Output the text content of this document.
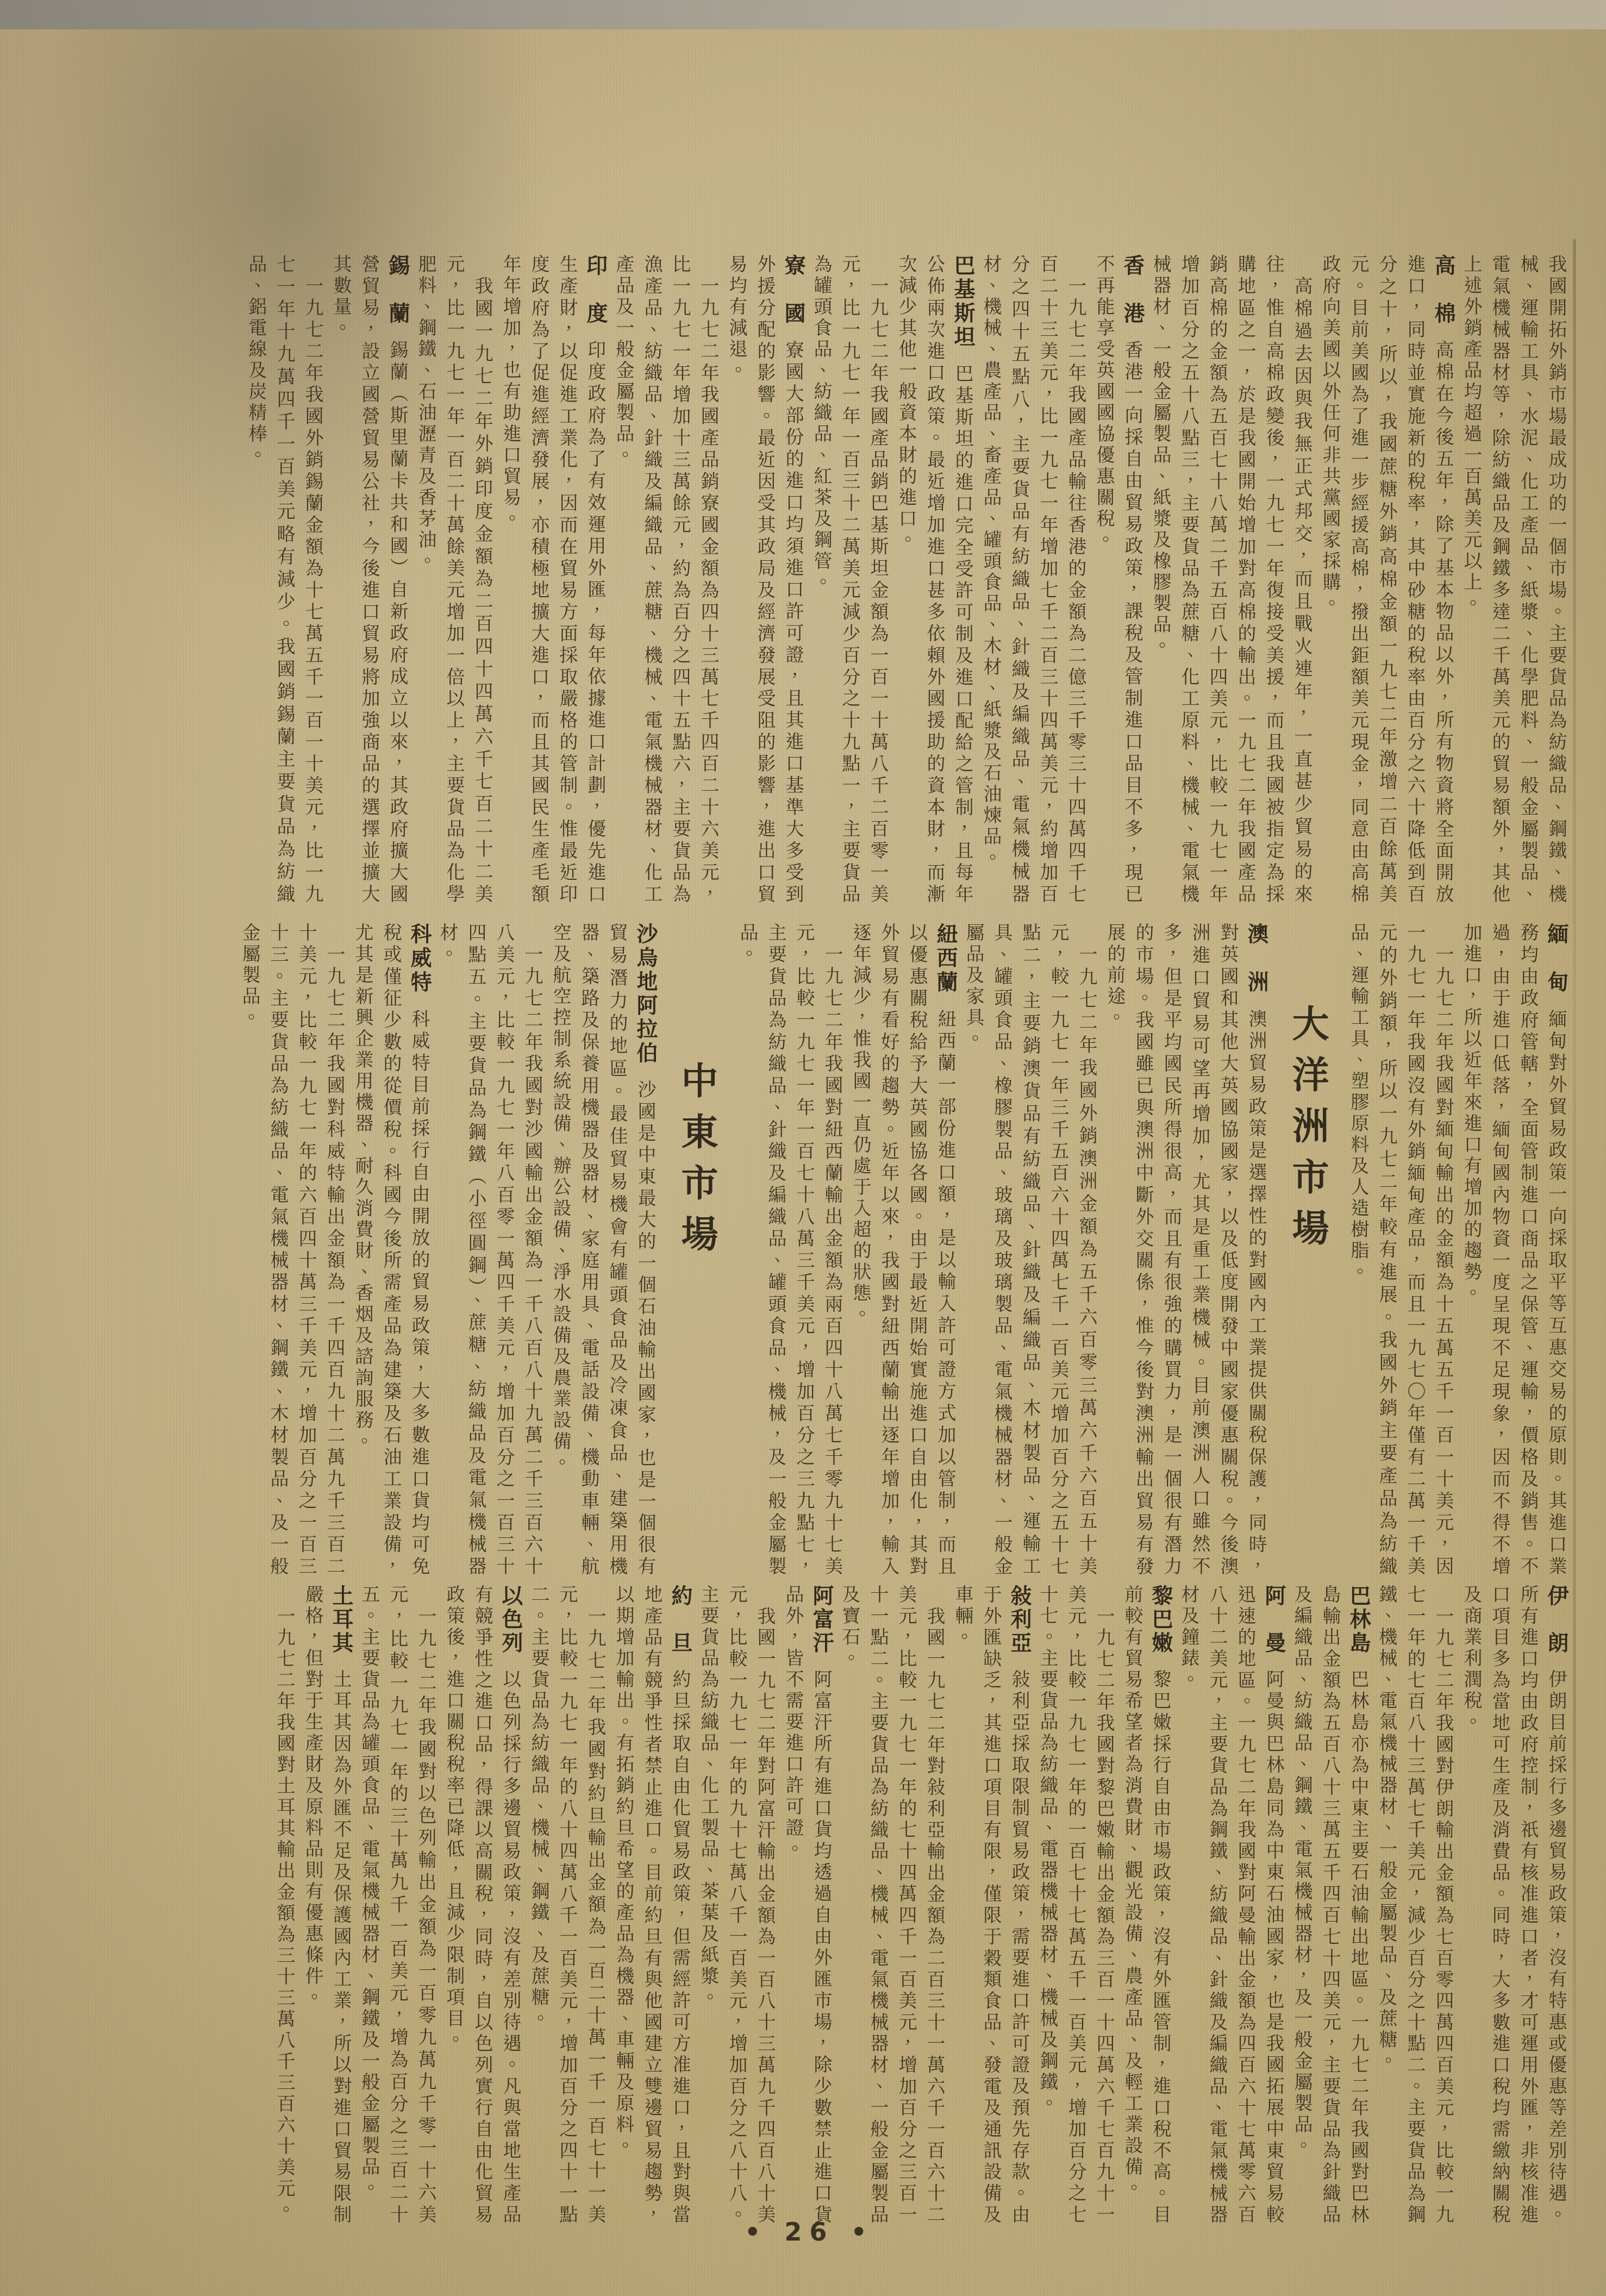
我國開拓外銷市場最成功的一個市場。主要貨品為紡織品、鋼鐵、機械、運輸工具、水泥、化工產品、紙漿、化學肥料、一般金屬製品、電氣機械器材等，除紡織品及鋼鐵多達二千萬美元的貿易額外，其他上述外銷產品均超過一百萬美元以上。

高　棉高棉在今後五年，除了基本物品以外，所有物資將全面開放進口，同時並實施新的稅率，其中砂糖的稅率由百分之六十降低到百分之十，所以，我國蔗糖外銷高棉金額一九七二年激增二百餘萬美元。目前美國為了進一步經援高棉，撥出鉅額美元現金，同意由高棉政府向美國以外任何非共黨國家採購。

高棉過去因與我無正式邦交，而且戰火連年，一直甚少貿易的來往，惟自高棉政變後，一九七一年復接受美援，而且我國被指定為採購地區之一，於是我國開始增加對高棉的輸出。一九七二年我國產品銷高棉的金額為五百七十八萬二千五百八十四美元，比較一九七一年增加百分之五十八點三，主要貨品為蔗糖、化工原料、機械、電氣機械器材、一般金屬製品、紙漿及橡膠製品。

香　港香港一向採自由貿易政策，課稅及管制進口品目不多，現已不再能享受英國國協優惠關稅。

一九七二年我國產品輸往香港的金額為二億三千零三十四萬四千七百二十三美元，比一九七一年增加七千二百三十四萬美元，約增加百分之四十五點八，主要貨品有紡織品、針織及編織品、電氣機械器材、機械、農產品、畜產品、罐頭食品、木材、紙漿及石油煉品。

巴基斯坦巴基斯坦的進口完全受許可制及進口配給之管制，且每年公佈兩次進口政策。最近增加進口甚多依賴外國援助的資本財，而漸次減少其他一般資本財的進口。

一九七二年我國產品銷巴基斯坦金額為一百一十萬八千二百零一美元，比一九七一年一百三十二萬美元減少百分之十九點一，主要貨品為罐頭食品、紡織品、紅茶及鋼管。

寮　國寮國大部份的進口均須進口許可證，且其進口基準大多受到外援分配的影響。最近因受其政局及經濟發展受阻的影響，進出口貿易均有減退。

一九七二年我國產品銷寮國金額為四十三萬七千四百二十六美元，比一九七一年增加十三萬餘元，約為百分之四十五點六，主要貨品為漁產品、紡織品、針織及編織品、蔗糖、機械、電氣機械器材、化工產品及一般金屬製品。

印　度印度政府為了有效運用外匯，每年依據進口計劃，優先進口生產財，以促進工業化，因而在貿易方面採取嚴格的管制。惟最近印度政府為了促進經濟發展，亦積極地擴大進口，而且其國民生產毛額年年增加，也有助進口貿易。

我國一九七二年外銷印度金額為二百四十四萬六千七百二十二美元，比一九七一年一百二十萬餘美元增加一倍以上，主要貨品為化學肥料、鋼鐵、石油瀝青及香茅油。

錫　蘭錫蘭（斯里蘭卡共和國）自新政府成立以來，其政府擴大國營貿易，設立國營貿易公社，今後進口貿易將加強商品的選擇並擴大其數量。

一九七二年我國外銷錫蘭金額為十七萬五千一百一十美元，比一九七一年十九萬四千一百美元略有減少。我國銷錫蘭主要貨品為紡織品、鋁電線及炭精棒。

緬　甸緬甸對外貿易政策一向採取平等互惠交易的原則。其進口業務均由政府管轄，全面管制進口商品之保管、運輸，價格及銷售。不過，由于進口低落，緬甸國內物資一度呈現不足現象，因而不得不增加進口，所以近年來進口有增加的趨勢。

一九七二年我國對緬甸輸出的金額為十五萬五千一百一十美元，因一九七一年我國沒有外銷緬甸產品，而且一九七〇年僅有二萬一千美元的外銷額，所以一九七二年較有進展。我國外銷主要產品為紡織品、運輸工具、塑膠原料及人造樹脂。

大洋洲市場

澳　洲澳洲貿易政策是選擇性的對國內工業提供關稅保護，同時，對英國和其他大英國協國家，以及低度開發中國家優惠關稅。今後澳洲進口貿易可望再增加，尤其是重工業機械。目前澳洲人口雖然不多，但是平均國民所得很高，而且有很強的購買力，是一個很有潛力的市場。我國雖已與澳洲中斷外交關係，惟今後對澳洲輸出貿易有發展的前途。

一九七二年我國外銷澳洲金額為五千六百零三萬六千六百五十美元，較一九七一年三千五百六十四萬七千一百美元增加百分之五十七點二，主要銷澳貨品有紡織品、針織及編織品、木材製品、運輸工具、罐頭食品、橡膠製品、玻璃及玻璃製品、電氣機械器材、一般金屬品及家具。

紐西蘭紐西蘭一部份進口額，是以輸入許可證方式加以管制，而且以優惠關稅給予大英國協各國。由于最近開始實施進口自由化，其對外貿易有看好的趨勢。近年以來，我國對紐西蘭輸出逐年增加，輸入逐年減少，惟我國一直仍處于入超的狀態。

一九七二年我國對紐西蘭輸出金額為兩百四十八萬七千零九十七美元，比較一九七一年一百七十八萬三千美元，增加百分之三九點七，主要貨品為紡織品、針織及編織品、罐頭食品、機械，及一般金屬製品。

中東市場

沙烏地阿拉伯沙國是中東最大的一個石油輸出國家，也是一個很有貿易潛力的地區。最佳貿易機會有罐頭食品及冷凍食品、建築用機器、築路及保養用機器及器材、家庭用具、電話設備、機動車輛、航空及航空控制系統設備、辦公設備、淨水設備及農業設備。

一九七二年我國對沙國輸出金額為一千八百八十九萬二千三百六十八美元，比較一九七一年八百零一萬四千美元，增加百分之一百三十四點五。主要貨品為鋼鐵（小徑圓鋼）、蔗糖、紡織品及電氣機械器材。

科威特科威特目前採行自由開放的貿易政策，大多數進口貨均可免稅或僅征少數的從價稅。科國今後所需產品為建築及石油工業設備，尤其是新興企業用機器、耐久消費財、香烟及諮詢服務。

一九七二年我國對科威特輸出金額為一千四百九十二萬九千三百二十美元，比較一九七一年的六百四十萬三千美元，增加百分之一百三十三。主要貨品為紡織品、電氣機械器材、鋼鐵、木材製品、及一般金屬製品。

伊　朗伊朗目前採行多邊貿易政策，沒有特惠或優惠等差別待遇。所有進口均由政府控制，祇有核准進口者，才可運用外匯，非核准進口項目多為當地可生產及消費品。同時，大多數進口稅均需繳納關稅及商業利潤稅。

一九七二年我國對伊朗輸出金額為七百零四萬四百美元，比較一九七一年的七百八十三萬七千美元，減少百分之十點二。主要貨品為鋼鐵、機械、電氣機械器材、一般金屬製品、及蔗糖。

巴林島巴林島亦為中東主要石油輸出地區。一九七二年我國對巴林島輸出金額為五百八十三萬五千四百七十四美元，主要貨品為針織品及編織品、紡織品、鋼鐵、電氣機械器材，及一般金屬製品。

阿　曼阿曼與巴林島同為中東石油國家，也是我國拓展中東貿易較迅速的地區。一九七二年我國對阿曼輸出金額為四百六十七萬零六百八十二美元，主要貨品為鋼鐵、紡織品、針織及編織品、電氣機械器材及鐘錶。

黎巴嫩黎巴嫩採行自由市場政策，沒有外匯管制，進口稅不高。目前較有貿易希望者為消費財、觀光設備、農產品、及輕工業設備。

一九七二年我國對黎巴嫩輸出金額為三百一十四萬六千七百九十一美元，比較一九七一年的一百七十七萬五千一百美元，增加百分之七十七。主要貨品為紡織品、電器機械器材、機械及鋼鐵。

敍利亞敍利亞採取限制貿易政策，需要進口許可證及預先存款。由于外匯缺乏，其進口項目有限，僅限于穀類食品、發電及通訊設備及車輛。

我國一九七二年對敍利亞輸出金額為二百三十一萬六千一百六十二美元，比較一九七一年的七十四萬四千一百美元，增加百分之三百一十一點二。主要貨品為紡織品、機械、電氣機械器材、一般金屬製品及寶石。

阿富汗阿富汗所有進口貨均透過自由外匯市場，除少數禁止進口貨品外，皆不需要進口許可證。

我國一九七二年對阿富汗輸出金額為一百八十三萬九千四百八十美元，比較一九七一年的九十七萬八千一百美元，增加百分之八十八。主要貨品為紡織品、化工製品、茶葉及紙漿。

約　旦約旦採取自由化貿易政策，但需經許可方准進口，且對與當地產品有競爭性者禁止進口。目前約旦有與他國建立雙邊貿易趨勢，以期增加輸出。有拓銷約旦希望的產品為機器、車輛及原料。

一九七二年我國對約旦輸出金額為一百二十萬一千一百七十一美元，比較一九七一年的八十四萬八千一百美元，增加百分之四十一點二。主要貨品為紡織品、機械、鋼鐵、及蔗糖。

以色列以色列採行多邊貿易政策，沒有差別待遇。凡與當地生產品有競爭性之進口品，得課以高關稅，同時，自以色列實行自由化貿易政策後，進口關稅稅率已降低，且減少限制項目。

一九七二年我國對以色列輸出金額為一百零九萬九千零一十六美元，比較一九七一年的三十萬九千一百美元，增為百分之三百二十五。主要貨品為罐頭食品、電氣機械器材、鋼鐵及一般金屬製品。

土耳其土耳其因為外匯不足及保護國內工業，所以對進口貿易限制嚴格，但對于生產財及原料品則有優惠條件。

一九七二年我國對土耳其輸出金額為三十三萬八千三百六十美元。

• 26 •
